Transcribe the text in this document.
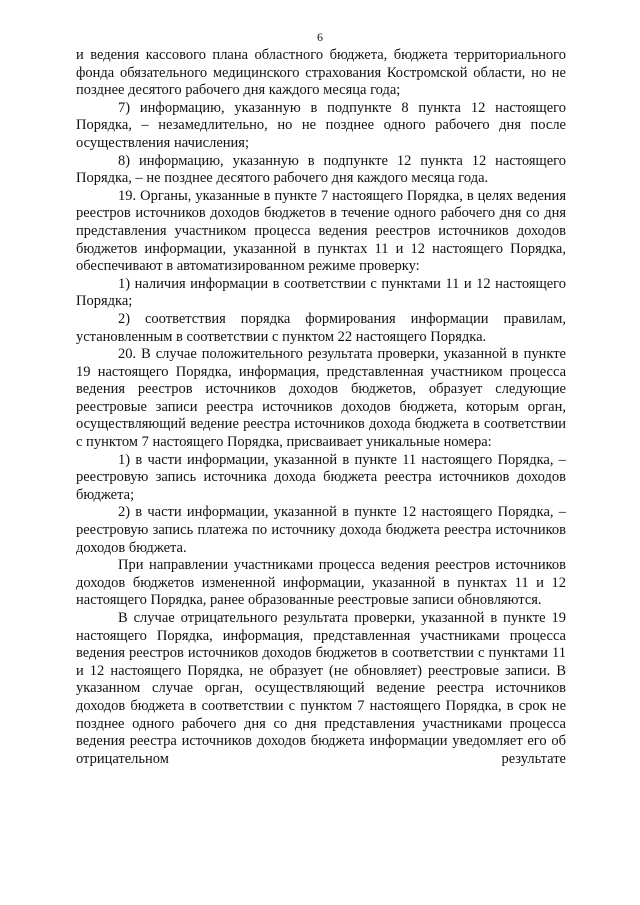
6

и ведения кассового плана областного бюджета, бюджета территориального фонда обязательного медицинского страхования Костромской области, но не позднее десятого рабочего дня каждого месяца года;

7) информацию, указанную в подпункте 8 пункта 12 настоящего Порядка, – незамедлительно, но не позднее одного рабочего дня после осуществления начисления;

8) информацию, указанную в подпункте 12 пункта 12 настоящего Порядка, – не позднее десятого рабочего дня каждого месяца года.

19. Органы, указанные в пункте 7 настоящего Порядка, в целях ведения реестров источников доходов бюджетов в течение одного рабочего дня со дня представления участником процесса ведения реестров источников доходов бюджетов информации, указанной в пунктах 11 и 12 настоящего Порядка, обеспечивают в автоматизированном режиме проверку:

1) наличия информации в соответствии с пунктами 11 и 12 настоящего Порядка;

2) соответствия порядка формирования информации правилам, установленным в соответствии с пунктом 22 настоящего Порядка.

20. В случае положительного результата проверки, указанной в пункте 19 настоящего Порядка, информация, представленная участником процесса ведения реестров источников доходов бюджетов, образует следующие реестровые записи реестра источников доходов бюджета, которым орган, осуществляющий ведение реестра источников дохода бюджета в соответствии с пунктом 7 настоящего Порядка, присваивает уникальные номера:

1) в части информации, указанной в пункте 11 настоящего Порядка, – реестровую запись источника дохода бюджета реестра источников доходов бюджета;

2) в части информации, указанной в пункте 12 настоящего Порядка, – реестровую запись платежа по источнику дохода бюджета реестра источников доходов бюджета.

При направлении участниками процесса ведения реестров источников доходов бюджетов измененной информации, указанной в пунктах 11 и 12 настоящего Порядка, ранее образованные реестровые записи обновляются.

В случае отрицательного результата проверки, указанной в пункте 19 настоящего Порядка, информация, представленная участниками процесса ведения реестров источников доходов бюджетов в соответствии с пунктами 11 и 12 настоящего Порядка, не образует (не обновляет) реестровые записи. В указанном случае орган, осуществляющий ведение реестра источников доходов бюджета в соответствии с пунктом 7 настоящего Порядка, в срок не позднее одного рабочего дня со дня представления участниками процесса ведения реестра источников доходов бюджета информации уведомляет его об отрицательном результате
